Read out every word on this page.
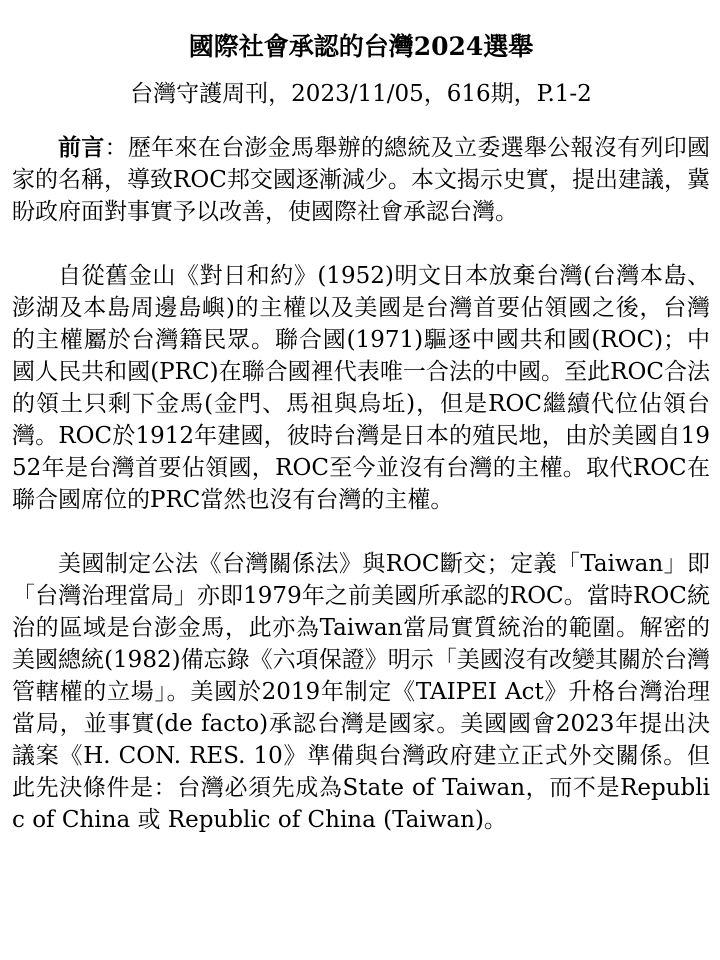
國際社會承認的台灣2024選舉
台灣守護周刊，2023/11/05，616期，P.1-2

前言：歷年來在台澎金馬舉辦的總統及立委選舉公報沒有列印國家的名稱，導致ROC邦交國逐漸減少。本文揭示史實，提出建議，冀盼政府面對事實予以改善，使國際社會承認台灣。

自從舊金山《對日和約》(1952)明文日本放棄台灣(台灣本島、澎湖及本島周邊島嶼)的主權以及美國是台灣首要佔領國之後，台灣的主權屬於台灣籍民眾。聯合國(1971)驅逐中國共和國(ROC)；中國人民共和國(PRC)在聯合國裡代表唯一合法的中國。至此ROC合法的領土只剩下金馬(金門、馬祖與烏坵)，但是ROC繼續代位佔領台灣。ROC於1912年建國，彼時台灣是日本的殖民地，由於美國自1952年是台灣首要佔領國，ROC至今並沒有台灣的主權。取代ROC在聯合國席位的PRC當然也沒有台灣的主權。

美國制定公法《台灣關係法》與ROC斷交；定義「Taiwan」即「台灣治理當局」亦即1979年之前美國所承認的ROC。當時ROC統治的區域是台澎金馬，此亦為Taiwan當局實質統治的範圍。解密的美國總統(1982)備忘錄《六項保證》明示「美國沒有改變其關於台灣管轄權的立場」。美國於2019年制定《TAIPEI Act》升格台灣治理當局，並事實(de facto)承認台灣是國家。美國國會2023年提出決議案《H. CON. RES. 10》準備與台灣政府建立正式外交關係。但此先決條件是：台灣必須先成為State of Taiwan，而不是Republic of China 或 Republic of China (Taiwan)。
